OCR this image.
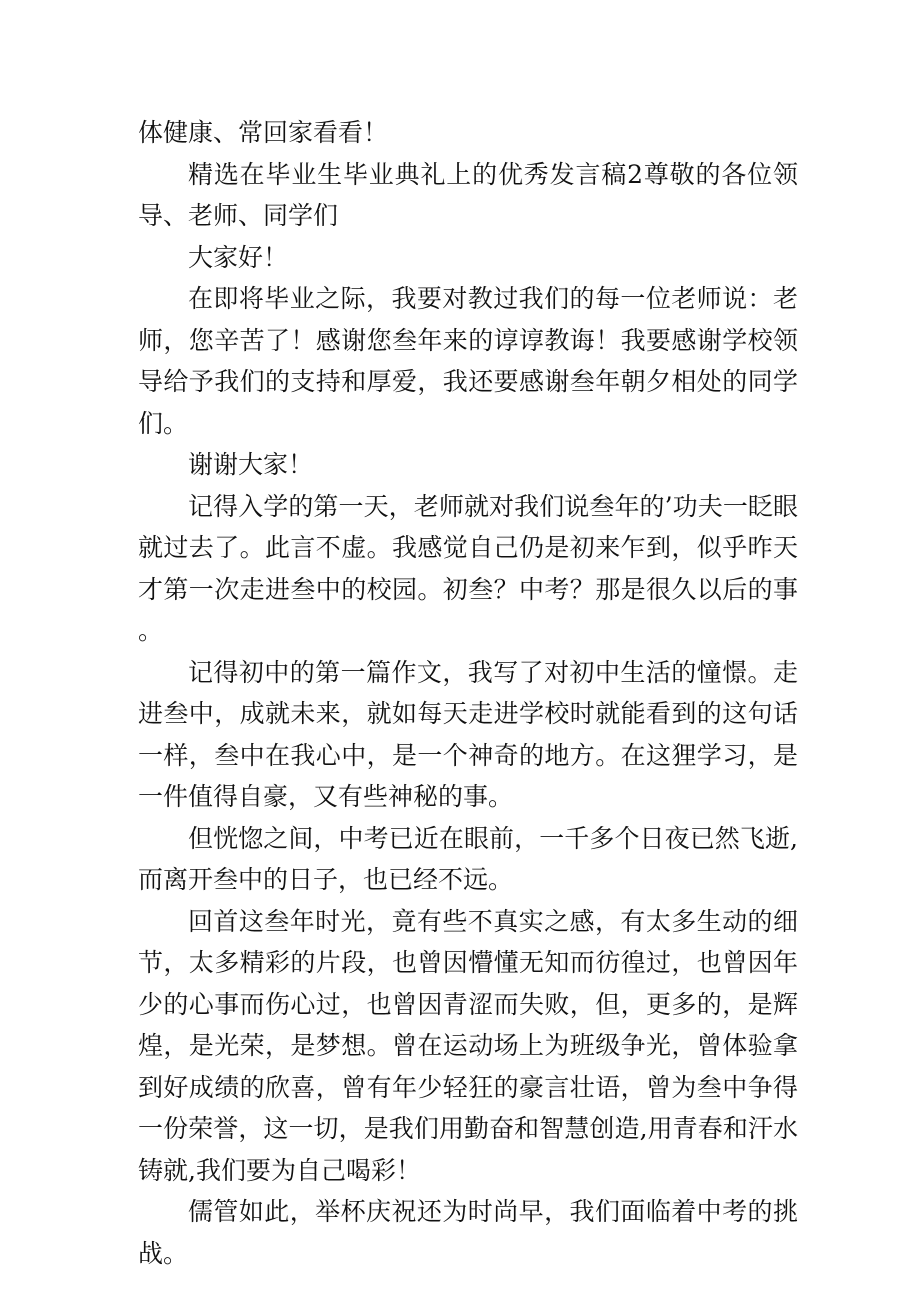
体健康、常回家看看！

精选在毕业生毕业典礼上的优秀发言稿2尊敬的各位领导、老师、同学们

大家好！

在即将毕业之际，我要对教过我们的每一位老师说：老师，您辛苦了！感谢您叁年来的谆谆教诲！我要感谢学校领导给予我们的支持和厚爱，我还要感谢叁年朝夕相处的同学们。

谢谢大家！

记得入学的第一天，老师就对我们说叁年的’功夫一眨眼就过去了。此言不虚。我感觉自己仍是初来乍到，似乎昨天才第一次走进叁中的校园。初叁？中考？那是很久以后的事。

记得初中的第一篇作文，我写了对初中生活的憧憬。走进叁中，成就未来，就如每天走进学校时就能看到的这句话一样，叁中在我心中，是一个神奇的地方。在这狸学习，是一件值得自豪，又有些神秘的事。

但恍惚之间，中考已近在眼前，一千多个日夜已然飞逝,而离开叁中的日子，也已经不远。

回首这叁年时光，竟有些不真实之感，有太多生动的细节，太多精彩的片段，也曾因懵懂无知而彷徨过，也曾因年少的心事而伤心过，也曾因青涩而失败，但，更多的，是辉煌，是光荣，是梦想。曾在运动场上为班级争光，曾体验拿到好成绩的欣喜，曾有年少轻狂的豪言壮语，曾为叁中争得一份荣誉，这一切，是我们用勤奋和智慧创造,用青春和汗水铸就,我们要为自己喝彩！

儒管如此，举杯庆祝还为时尚早，我们面临着中考的挑战。
